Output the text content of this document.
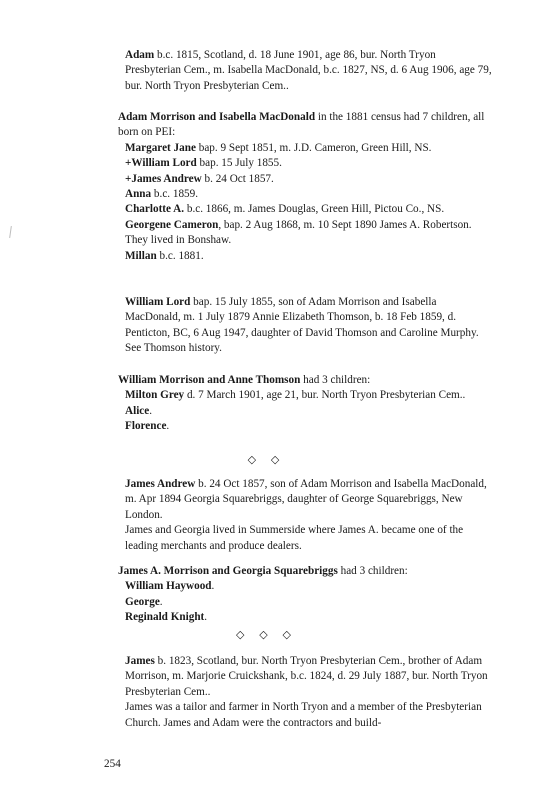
Adam b.c. 1815, Scotland, d. 18 June 1901, age 86, bur. North Tryon Presbyterian Cem., m. Isabella MacDonald, b.c. 1827, NS, d. 6 Aug 1906, age 79, bur. North Tryon Presbyterian Cem..

Adam Morrison and Isabella MacDonald in the 1881 census had 7 children, all born on PEI:

Margaret Jane bap. 9 Sept 1851, m. J.D. Cameron, Green Hill, NS.

+William Lord bap. 15 July 1855.

+James Andrew b. 24 Oct 1857.

Anna b.c. 1859.

Charlotte A. b.c. 1866, m. James Douglas, Green Hill, Pictou Co., NS.

Georgene Cameron, bap. 2 Aug 1868, m. 10 Sept 1890 James A. Robertson. They lived in Bonshaw.

Millan b.c. 1881.

William Lord bap. 15 July 1855, son of Adam Morrison and Isabella MacDonald, m. 1 July 1879 Annie Elizabeth Thomson, b. 18 Feb 1859, d. Penticton, BC, 6 Aug 1947, daughter of David Thomson and Caroline Murphy. See Thomson history.

William Morrison and Anne Thomson had 3 children:

Milton Grey d. 7 March 1901, age 21, bur. North Tryon Presbyterian Cem..

Alice.

Florence.

◇ ◇

James Andrew b. 24 Oct 1857, son of Adam Morrison and Isabella MacDonald, m. Apr 1894 Georgia Squarebriggs, daughter of George Squarebriggs, New London.

James and Georgia lived in Summerside where James A. became one of the leading merchants and produce dealers.

James A. Morrison and Georgia Squarebriggs had 3 children:

William Haywood.

George.

Reginald Knight.

◇ ◇ ◇

James b. 1823, Scotland, bur. North Tryon Presbyterian Cem., brother of Adam Morrison, m. Marjorie Cruickshank, b.c. 1824, d. 29 July 1887, bur. North Tryon Presbyterian Cem..

James was a tailor and farmer in North Tryon and a member of the Presbyterian Church. James and Adam were the contractors and build-

254
